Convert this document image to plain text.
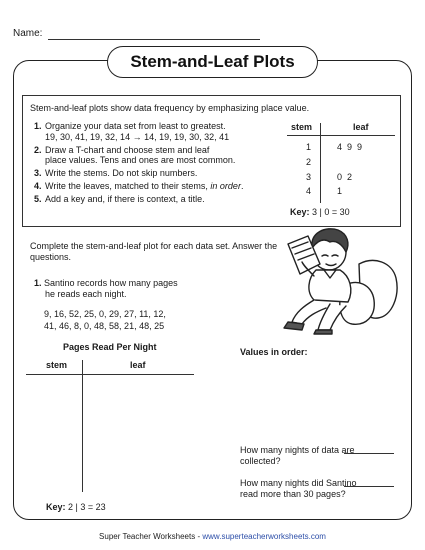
Name:
Stem-and-Leaf Plots
Stem-and-leaf plots show data frequency by emphasizing place value.
1. Organize your data set from least to greatest.
19, 30, 41, 19, 32, 14 → 14, 19, 19, 30, 32, 41
2. Draw a T-chart and choose stem and leaf
place values. Tens and ones are most common.
3. Write the stems. Do not skip numbers.
4. Write the leaves, matched to their stems, in order.
5. Add a key and, if there is context, a title.
stem	leaf
1	4  9  9
2
3	0  2
4	1
Key: 3 | 0 = 30
Complete the stem-and-leaf plot for each data set. Answer the questions.
1. Santino records how many pages
he reads each night.
9, 16, 52, 25, 0, 29, 27, 11, 12,
41, 46, 8, 0, 48, 58, 21, 48, 25
Pages Read Per Night
stem	leaf
Key: 2 | 3 = 23
Values in order:
How many nights of data are collected?
How many nights did Santino read more than 30 pages?
Super Teacher Worksheets - www.superteacherworksheets.com
